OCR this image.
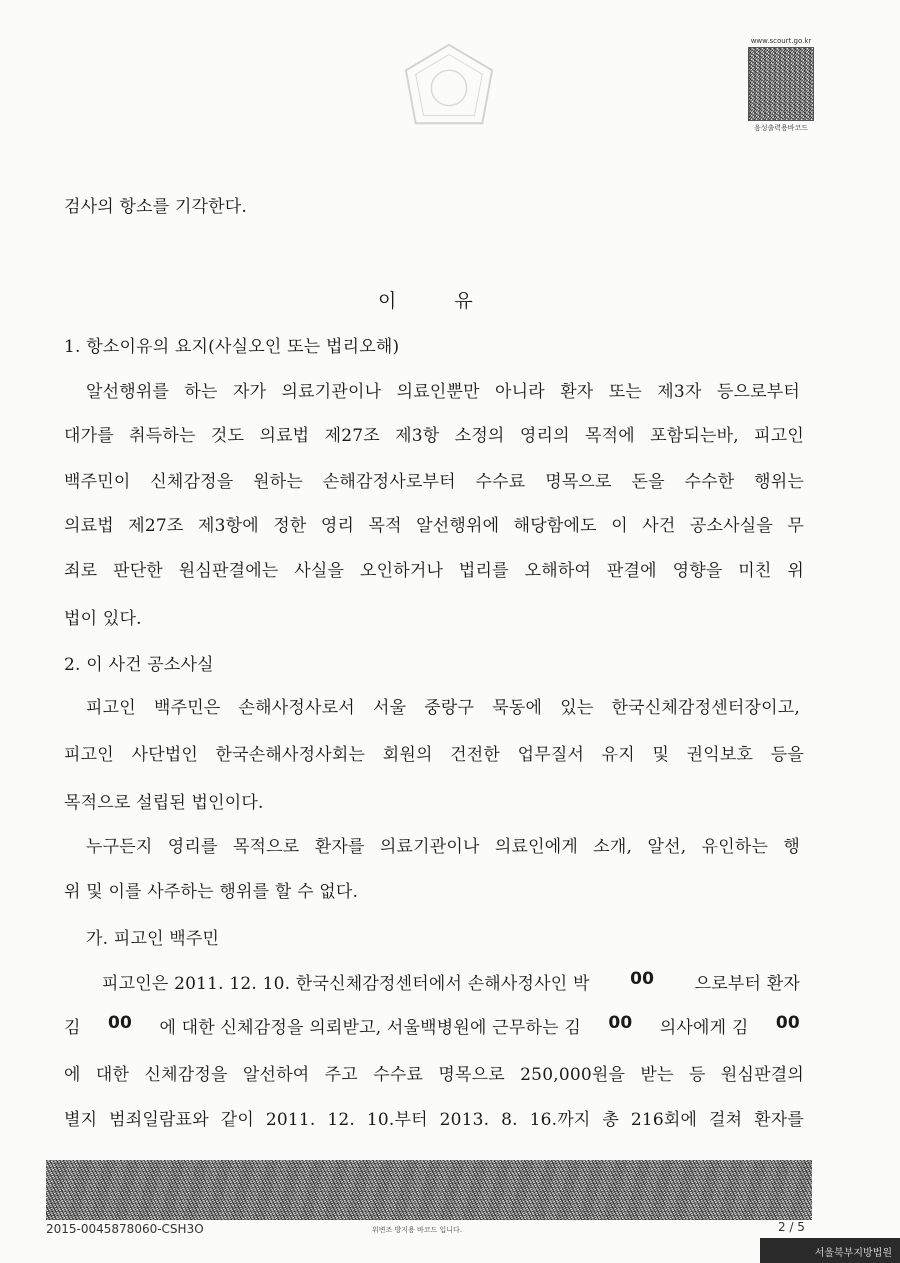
www.scourt.go.kr
음성출력용바코드
검사의 항소를 기각한다.
이	유
1. 항소이유의 요지(사실오인 또는 법리오해)
알선행위를 하는 자가 의료기관이나 의료인뿐만 아니라 환자 또는 제3자 등으로부터
대가를 취득하는 것도 의료법 제27조 제3항 소정의 영리의 목적에 포함되는바, 피고인
백주민이 신체감정을 원하는 손해감정사로부터 수수료 명목으로 돈을 수수한 행위는
의료법 제27조 제3항에 정한 영리 목적 알선행위에 해당함에도 이 사건 공소사실을 무
죄로 판단한 원심판결에는 사실을 오인하거나 법리를 오해하여 판결에 영향을 미친 위
법이 있다.
2. 이 사건 공소사실
피고인 백주민은 손해사정사로서 서울 중랑구 묵동에 있는 한국신체감정센터장이고,
피고인 사단법인 한국손해사정사회는 회원의 건전한 업무질서 유지 및 권익보호 등을
목적으로 설립된 법인이다.
누구든지 영리를 목적으로 환자를 의료기관이나 의료인에게 소개, 알선, 유인하는 행
위 및 이를 사주하는 행위를 할 수 없다.
가. 피고인 백주민
피고인은 2011. 12. 10. 한국신체감정센터에서 손해사정사인 박 00 으로부터 환자
김 00 에 대한 신체감정을 의뢰받고, 서울백병원에 근무하는 김 00 의사에게 김 00
에 대한 신체감정을 알선하여 주고 수수료 명목으로 250,000원을 받는 등 원심판결의
별지 범죄일람표와 같이 2011. 12. 10.부터 2013. 8. 16.까지 총 216회에 걸쳐 환자를
2015-0045878060-CSH3O	위변조 방지용 바코드 입니다.	2 / 5
서울북부지방법원
